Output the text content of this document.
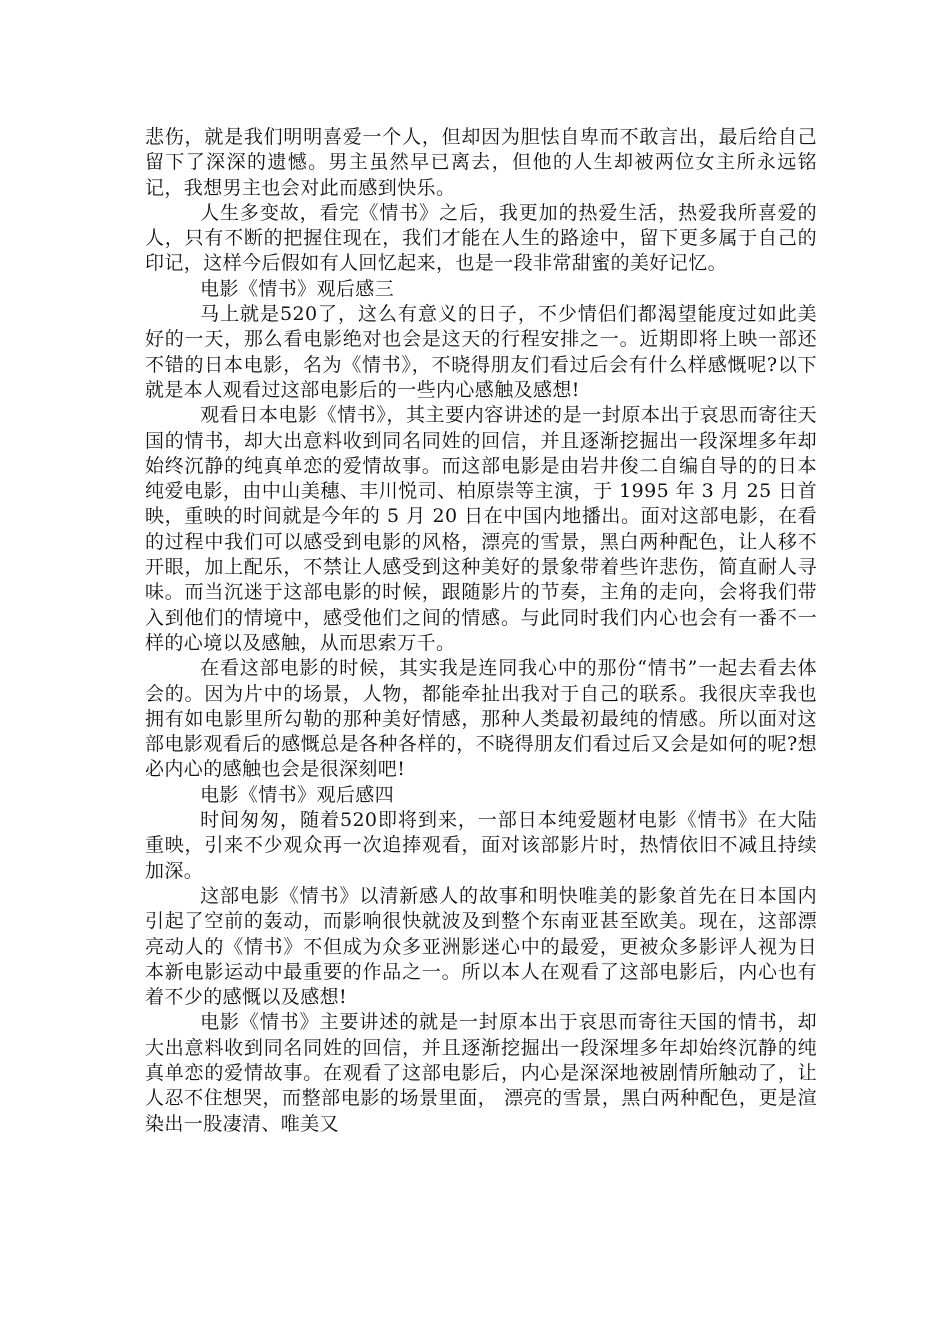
悲伤，就是我们明明喜爱一个人，但却因为胆怯自卑而不敢言出，最后给自己留下了深深的遗憾。男主虽然早已离去，但他的人生却被两位女主所永远铭记，我想男主也会对此而感到快乐。

人生多变故，看完《情书》之后，我更加的热爱生活，热爱我所喜爱的人，只有不断的把握住现在，我们才能在人生的路途中，留下更多属于自己的印记，这样今后假如有人回忆起来，也是一段非常甜蜜的美好记忆。

电影《情书》观后感三

马上就是520了，这么有意义的日子，不少情侣们都渴望能度过如此美好的一天，那么看电影绝对也会是这天的行程安排之一。近期即将上映一部还不错的日本电影，名为《情书》，不晓得朋友们看过后会有什么样感慨呢?以下就是本人观看过这部电影后的一些内心感触及感想!

观看日本电影《情书》，其主要内容讲述的是一封原本出于哀思而寄往天国的情书，却大出意料收到同名同姓的回信，并且逐渐挖掘出一段深埋多年却始终沉静的纯真单恋的爱情故事。而这部电影是由岩井俊二自编自导的的日本纯爱电影，由中山美穗、丰川悦司、柏原崇等主演，于 1995 年 3 月 25 日首映，重映的时间就是今年的 5 月 20 日在中国内地播出。面对这部电影，在看的过程中我们可以感受到电影的风格，漂亮的雪景，黑白两种配色，让人移不开眼，加上配乐，不禁让人感受到这种美好的景象带着些许悲伤，简直耐人寻味。而当沉迷于这部电影的时候，跟随影片的节奏，主角的走向，会将我们带入到他们的情境中，感受他们之间的情感。与此同时我们内心也会有一番不一样的心境以及感触，从而思索万千。

在看这部电影的时候，其实我是连同我心中的那份“情书”一起去看去体会的。因为片中的场景，人物，都能牵扯出我对于自己的联系。我很庆幸我也拥有如电影里所勾勒的那种美好情感，那种人类最初最纯的情感。所以面对这部电影观看后的感慨总是各种各样的，不晓得朋友们看过后又会是如何的呢?想必内心的感触也会是很深刻吧!

电影《情书》观后感四

时间匆匆，随着520即将到来，一部日本纯爱题材电影《情书》在大陆重映，引来不少观众再一次追捧观看，面对该部影片时，热情依旧不减且持续加深。

这部电影《情书》以清新感人的故事和明快唯美的影象首先在日本国内引起了空前的轰动，而影响很快就波及到整个东南亚甚至欧美。现在，这部漂亮动人的《情书》不但成为众多亚洲影迷心中的最爱，更被众多影评人视为日本新电影运动中最重要的作品之一。所以本人在观看了这部电影后，内心也有着不少的感慨以及感想!

电影《情书》主要讲述的就是一封原本出于哀思而寄往天国的情书，却大出意料收到同名同姓的回信，并且逐渐挖掘出一段深埋多年却始终沉静的纯真单恋的爱情故事。在观看了这部电影后，内心是深深地被剧情所触动了，让人忍不住想哭，而整部电影的场景里面， 漂亮的雪景，黑白两种配色，更是渲染出一股凄清、唯美又
